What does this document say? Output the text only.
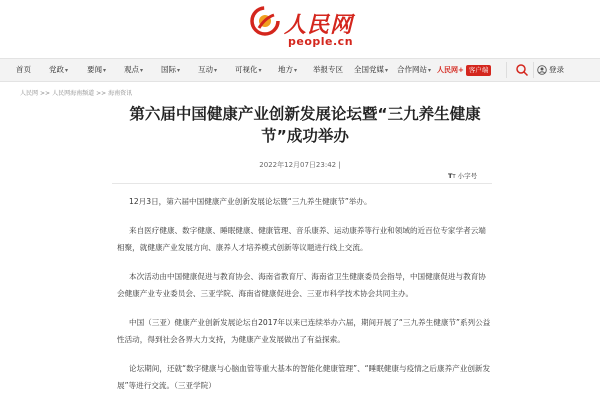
人民网
people.cn
首页 党政▾	要闻▾ 观点▾ 国际▾ 互动▾ 可视化▾ 地方▾ 举报专区 全国党媒▾ 合作网站▾ 人民网+ 客户端	登录
人民网 >> 人民网海南频道 >> 海南资讯
第六届中国健康产业创新发展论坛暨“三九养生健康节”成功举办
2022年12月07日23:42 |
TT 小字号

12月3日，第六届中国健康产业创新发展论坛暨“三九养生健康节”举办。

来自医疗健康、数字健康、睡眠健康、健康管理、音乐康养、运动康养等行业和领域的近百位专家学者云端相聚，就健康产业发展方向、康养人才培养模式创新等议题进行线上交流。

本次活动由中国健康促进与教育协会、海南省教育厅、海南省卫生健康委员会指导，中国健康促进与教育协会健康产业专业委员会、三亚学院、海南省健康促进会、三亚市科学技术协会共同主办。

中国（三亚）健康产业创新发展论坛自2017年以来已连续举办六届，期间开展了“三九养生健康节”系列公益性活动，得到社会各界大力支持，为健康产业发展做出了有益探索。

论坛期间，还就“数字健康与心脑血管等重大基本的智能化健康管理”、“睡眠健康与疫情之后康养产业创新发展”等进行交流。（三亚学院）
